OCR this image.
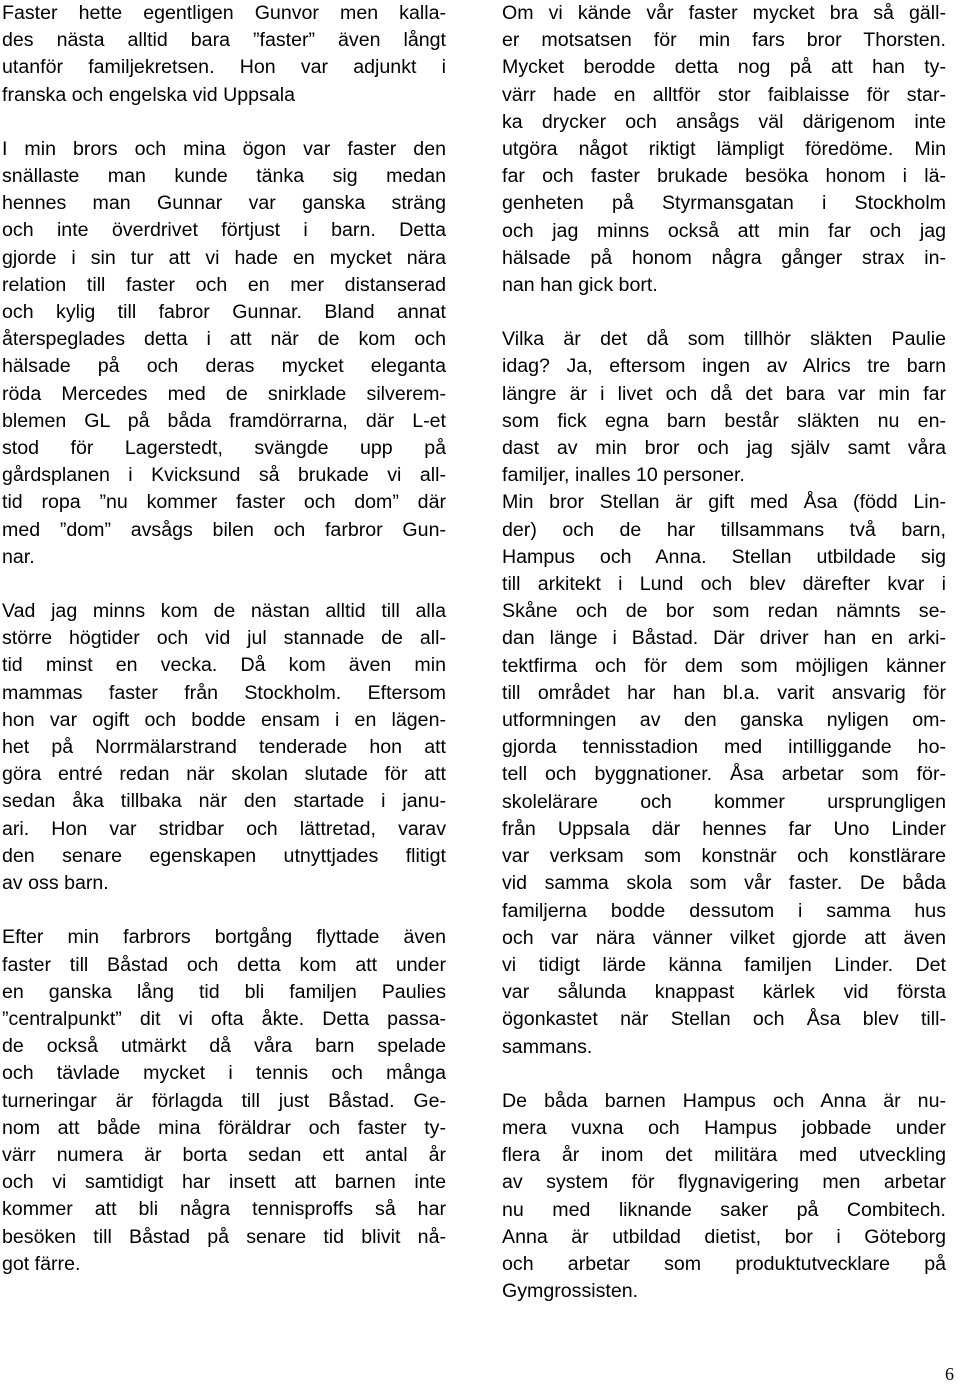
Faster hette egentligen Gunvor men kalla-
des nästa alltid bara ”faster” även långt
utanför familjekretsen. Hon var adjunkt i
franska och engelska vid Uppsala

I min brors och mina ögon var faster den
snällaste man kunde tänka sig medan
hennes man Gunnar var ganska sträng
och inte överdrivet förtjust i barn. Detta
gjorde i sin tur att vi hade en mycket nära
relation till faster och en mer distanserad
och kylig till fabror Gunnar. Bland annat
återspeglades detta i att när de kom och
hälsade på och deras mycket eleganta
röda Mercedes med de snirklade silverem-
blemen GL på båda framdörrarna, där L-et
stod för Lagerstedt, svängde upp på
gårdsplanen i Kvicksund så brukade vi all-
tid ropa ”nu kommer faster och dom” där
med ”dom” avsågs bilen och farbror Gun-
nar.

Vad jag minns kom de nästan alltid till alla
större högtider och vid jul stannade de all-
tid minst en vecka. Då kom även min
mammas faster från Stockholm. Eftersom
hon var ogift och bodde ensam i en lägen-
het på Norrmälarstrand tenderade hon att
göra entré redan när skolan slutade för att
sedan åka tillbaka när den startade i janu-
ari. Hon var stridbar och lättretad, varav
den senare egenskapen utnyttjades flitigt
av oss barn.

Efter min farbrors bortgång flyttade även
faster till Båstad och detta kom att under
en ganska lång tid bli familjen Paulies
”centralpunkt” dit vi ofta åkte. Detta passa-
de också utmärkt då våra barn spelade
och tävlade mycket i tennis och många
turneringar är förlagda till just Båstad. Ge-
nom att både mina föräldrar och faster ty-
värr numera är borta sedan ett antal år
och vi samtidigt har insett att barnen inte
kommer att bli några tennisproffs så har
besöken till Båstad på senare tid blivit nå-
got färre.

Om vi kände vår faster mycket bra så gäll-
er motsatsen för min fars bror Thorsten.
Mycket berodde detta nog på att han ty-
värr hade en alltför stor faiblaisse för star-
ka drycker och ansågs väl därigenom inte
utgöra något riktigt lämpligt föredöme. Min
far och faster brukade besöka honom i lä-
genheten på Styrmansgatan i Stockholm
och jag minns också att min far och jag
hälsade på honom några gånger strax in-
nan han gick bort.

Vilka är det då som tillhör släkten Paulie
idag? Ja, eftersom ingen av Alrics tre barn
längre är i livet och då det bara var min far
som fick egna barn består släkten nu en-
dast av min bror och jag själv samt våra
familjer, inalles 10 personer.

Min bror Stellan är gift med Åsa (född Lin-
der) och de har tillsammans två barn,
Hampus och Anna. Stellan utbildade sig
till arkitekt i Lund och blev därefter kvar i
Skåne och de bor som redan nämnts se-
dan länge i Båstad. Där driver han en arki-
tektfirma och för dem som möjligen känner
till området har han bl.a. varit ansvarig för
utformningen av den ganska nyligen om-
gjorda tennisstadion med intilliggande ho-
tell och byggnationer. Åsa arbetar som för-
skolelärare och kommer ursprungligen
från Uppsala där hennes far Uno Linder
var verksam som konstnär och konstlärare
vid samma skola som vår faster. De båda
familjerna bodde dessutom i samma hus
och var nära vänner vilket gjorde att även
vi tidigt lärde känna familjen Linder. Det
var sålunda knappast kärlek vid första
ögonkastet när Stellan och Åsa blev till-
sammans.

De båda barnen Hampus och Anna är nu-
mera vuxna och Hampus jobbade under
flera år inom det militära med utveckling
av system för flygnavigering men arbetar
nu med liknande saker på Combitech.
Anna är utbildad dietist, bor i Göteborg
och arbetar som produktutvecklare på
Gymgrossisten.

6
